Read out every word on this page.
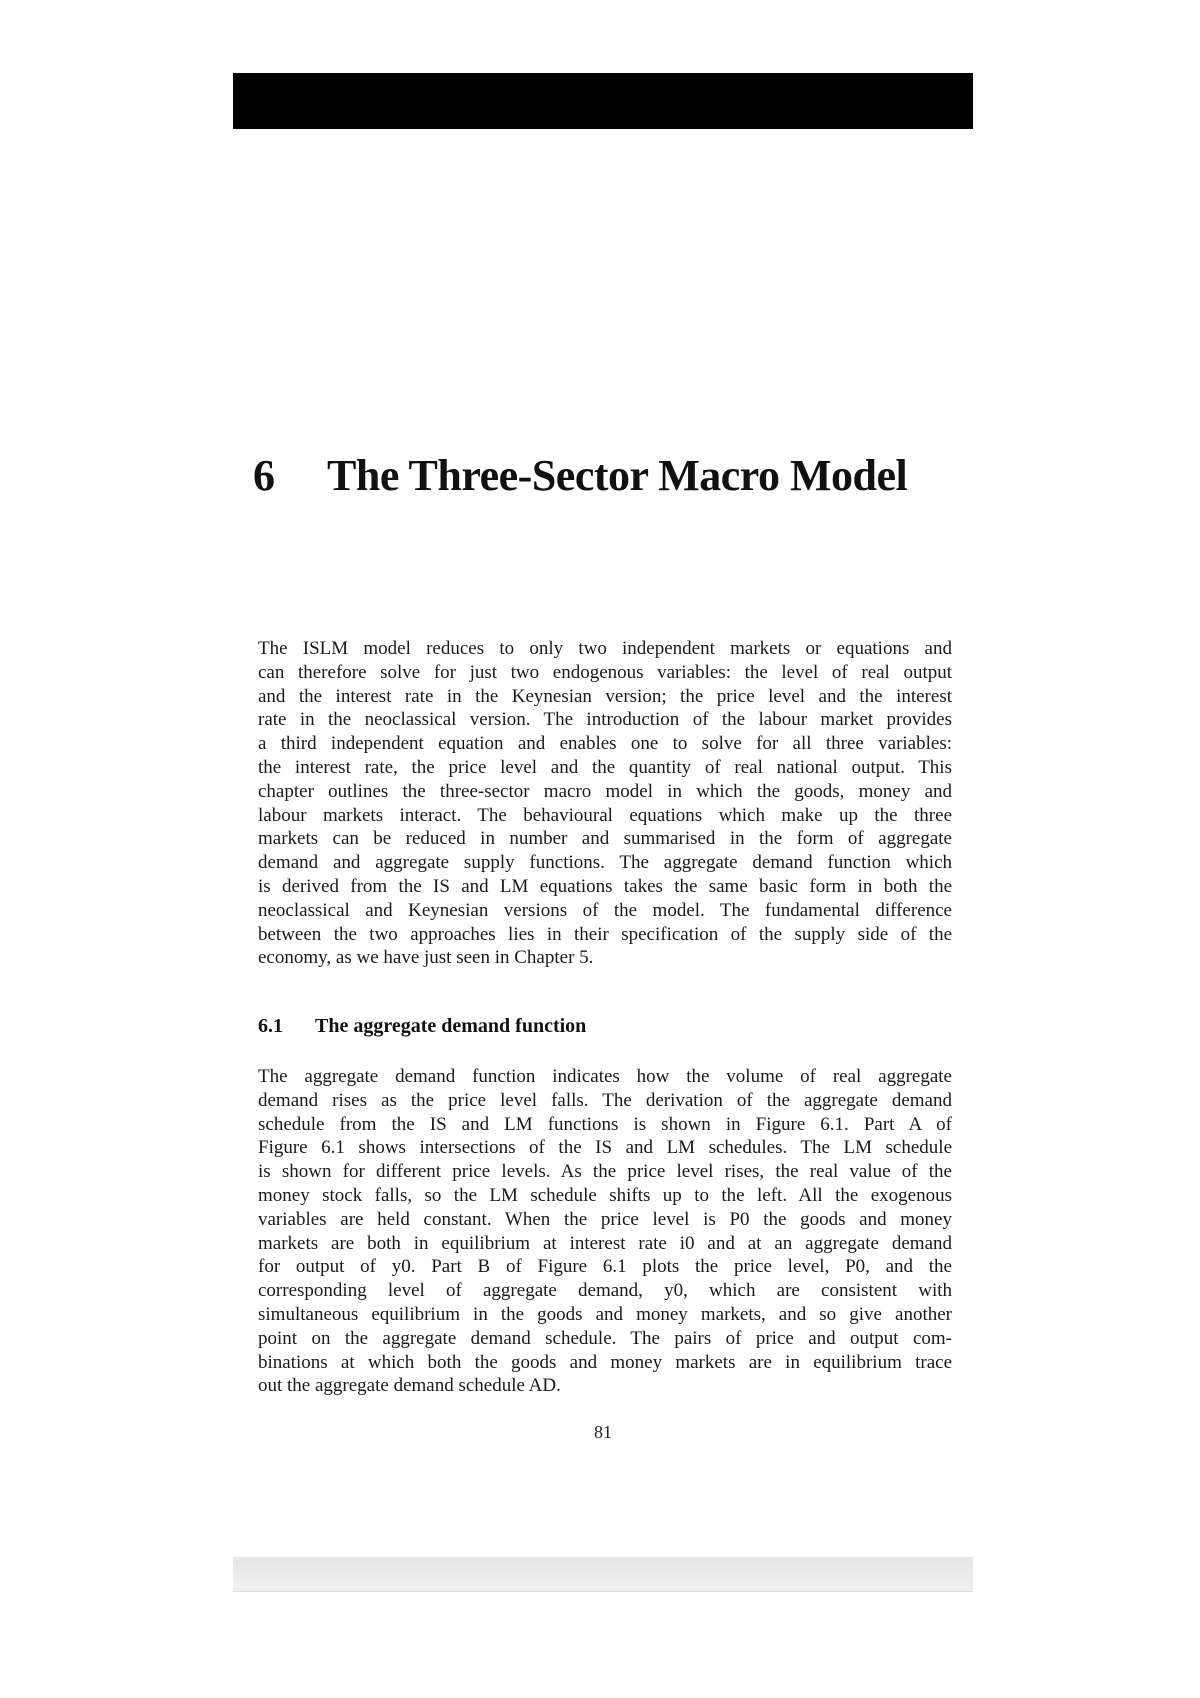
6 The Three-Sector Macro Model
The ISLM model reduces to only two independent markets or equations and
can therefore solve for just two endogenous variables: the level of real output
and the interest rate in the Keynesian version; the price level and the interest
rate in the neoclassical version. The introduction of the labour market provides
a third independent equation and enables one to solve for all three variables:
the interest rate, the price level and the quantity of real national output. This
chapter outlines the three-sector macro model in which the goods, money and
labour markets interact. The behavioural equations which make up the three
markets can be reduced in number and summarised in the form of aggregate
demand and aggregate supply functions. The aggregate demand function which
is derived from the IS and LM equations takes the same basic form in both the
neoclassical and Keynesian versions of the model. The fundamental difference
between the two approaches lies in their specification of the supply side of the
economy, as we have just seen in Chapter 5.
6.1 The aggregate demand function
The aggregate demand function indicates how the volume of real aggregate
demand rises as the price level falls. The derivation of the aggregate demand
schedule from the IS and LM functions is shown in Figure 6.1. Part A of
Figure 6.1 shows intersections of the IS and LM schedules. The LM schedule
is shown for different price levels. As the price level rises, the real value of the
money stock falls, so the LM schedule shifts up to the left. All the exogenous
variables are held constant. When the price level is P0 the goods and money
markets are both in equilibrium at interest rate i0 and at an aggregate demand
for output of y0. Part B of Figure 6.1 plots the price level, P0, and the
corresponding level of aggregate demand, y0, which are consistent with
simultaneous equilibrium in the goods and money markets, and so give another
point on the aggregate demand schedule. The pairs of price and output com-
binations at which both the goods and money markets are in equilibrium trace
out the aggregate demand schedule AD.
81
